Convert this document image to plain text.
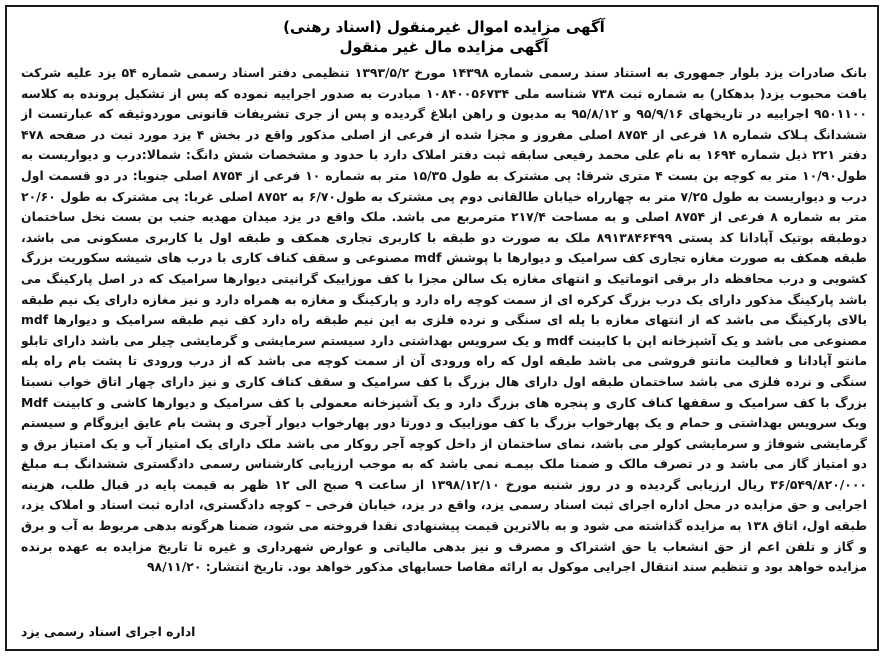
آگهی مزایده اموال غیرمنقول (اسناد رهنی)
آگهی مزایده مال غیر منقول

بانک صادرات یزد بلوار جمهوری به استناد سند رسمی شماره ۱۴۳۹۸ مورخ ۱۳۹۳/۵/۲ تنظیمی دفتر اسناد رسمی شماره ۵۴ یزد علیه شرکت بافت محبوب یزد( بدهکار) به شماره ثبت ۷۳۸ شناسه ملی ۱۰۸۴۰۰۵۶۷۳۴ مبادرت به صدور اجراییه نموده که پس از تشکیل پرونده به کلاسه ۹۵۰۱۱۰۰ اجراییه در تاریخهای ۹۵/۹/۱۶ و ۹۵/۸/۱۲ به مدیون و راهن ابلاغ گردیده و پس از جری تشریفات قانونی موردوثیقه که عبارتست از ششدانگ پـلاک شماره ۱۸ فرعی از ۸۷۵۴ اصلی مفروز و مجزا شده از فرعی از اصلی مذکور واقع در بخش ۴ یزد مورد ثبت در صفحه ۴۷۸ دفتر ۲۲۱ ذیل شماره ۱۶۹۴ به نام علی محمد رفیعی سابقه ثبت دفتر املاک دارد با حدود و مشخصات شش دانگ: شمالا:درب و دیواریست به طول۱۰/۹۰ متر به کوچه بن بست ۴ متری شرقا: پی مشترک به طول ۱۵/۳۵ متر به شماره ۱۰ فرعی از ۸۷۵۴ اصلی جنوبا: در دو قسمت اول درب و دیواریست به طول ۷/۲۵ متر به چهارراه خیابان طالقانی دوم پی مشترک به طول۶/۷۰ به ۸۷۵۲ اصلی غربا: پی مشترک به طول ۲۰/۶۰ متر به شماره ۸ فرعی از ۸۷۵۴ اصلی و به مساحت ۲۱۷/۴ مترمربع می باشد. ملک واقع در یزد میدان مهدیه جنب بن بست نخل ساختمان دوطبقه بوتیک آپادانا کد پستی ۸۹۱۳۸۴۶۴۹۹ ملک به صورت دو طبقه با کاربری تجاری همکف و طبقه اول با کاربری مسکونی می باشد، طبقه همکف به صورت مغازه تجاری کف سرامیک و دیوارها با پوشش mdf مصنوعی و سقف کناف کاری با درب های شیشه سکوریت بزرگ کشویی و درب محافظه دار برقی اتوماتیک و انتهای مغازه یک سالن مجزا با کف موزاییک گرانیتی دیوارها سرامیک که در اصل پارکینگ می باشد پارکینگ مذکور دارای یک درب بزرگ کرکره ای از سمت کوچه راه دارد و پارکینگ و مغازه به همراه دارد و نیز مغازه دارای یک نیم طبقه بالای پارکینگ می باشد که از انتهای مغازه با پله ای سنگی و نرده فلزی به این نیم طبقه راه دارد کف نیم طبقه سرامیک و دیوارها mdf مصنوعی می باشد و یک آشپزخانه اپن با کابینت mdf و یک سرویس بهداشتی دارد سیستم سرمایشی و گرمایشی چیلر می باشد دارای تابلو مانتو آپادانا و فعالیت مانتو فروشی می باشد طبقه اول که راه ورودی آن از سمت کوچه می باشد که از درب ورودی تا پشت بام راه پله سنگی و نرده فلزی می باشد ساختمان طبقه اول دارای هال بزرگ با کف سرامیک و سقف کناف کاری و نیز دارای چهار اتاق خواب نسبتا بزرگ با کف سرامیک و سقفها کناف کاری و پنجره های بزرگ دارد و یک آشپزخانه معمولی با کف سرامیک و دیوارها کاشی و کابینت Mdf ویک سرویس بهداشتی و حمام و یک پهارخواب بزرگ با کف موزاییک و دورتا دور پهارخواب دیوار آجری و پشت بام عایق ایزوگام و سیستم گرمایشی شوفاژ و سرمایشی کولر می باشد، نمای ساختمان از داخل کوچه آجر روکار می باشد ملک دارای یک امتیاز آب و یک امتیاز برق و دو امتیاز گاز می باشد و در تصرف مالک و ضمنا ملک بیمـه نمی باشد که به موجب ارزیابی کارشناس رسمی دادگستری ششدانگ بـه مبلغ ۳۶/۵۴۹/۸۲۰/۰۰۰ ریال ارزیابی گردیده و در روز شنبه مورخ ۱۳۹۸/۱۲/۱۰ از ساعت ۹ صبح الی ۱۲ ظهر به قیمت پایه در قبال طلب، هزینه اجرایی و حق مزایده در محل اداره اجرای ثبت اسناد رسمی یزد، واقع در یزد، خیابان فرخی – کوچه دادگستری، اداره ثبت اسناد و املاک یزد، طبقه اول، اتاق ۱۳۸ به مزایده گذاشته می شود و به بالاترین قیمت پیشنهادی نقدا فروخته می شود، ضمنا هرگونه بدهی مربوط به آب و برق و گاز و تلفن اعم از حق انشعاب یا حق اشتراک و مصرف و نیز بدهی مالیاتی و عوارض شهرداری و غیره تا تاریخ مزایده به عهده برنده مزایده خواهد بود و تنظیم سند انتقال اجرایی موکول به ارائه مفاصا حسابهای مذکور خواهد بود. تاریخ انتشار: ۹۸/۱۱/۲۰

اداره اجرای اسناد رسمی یزد
